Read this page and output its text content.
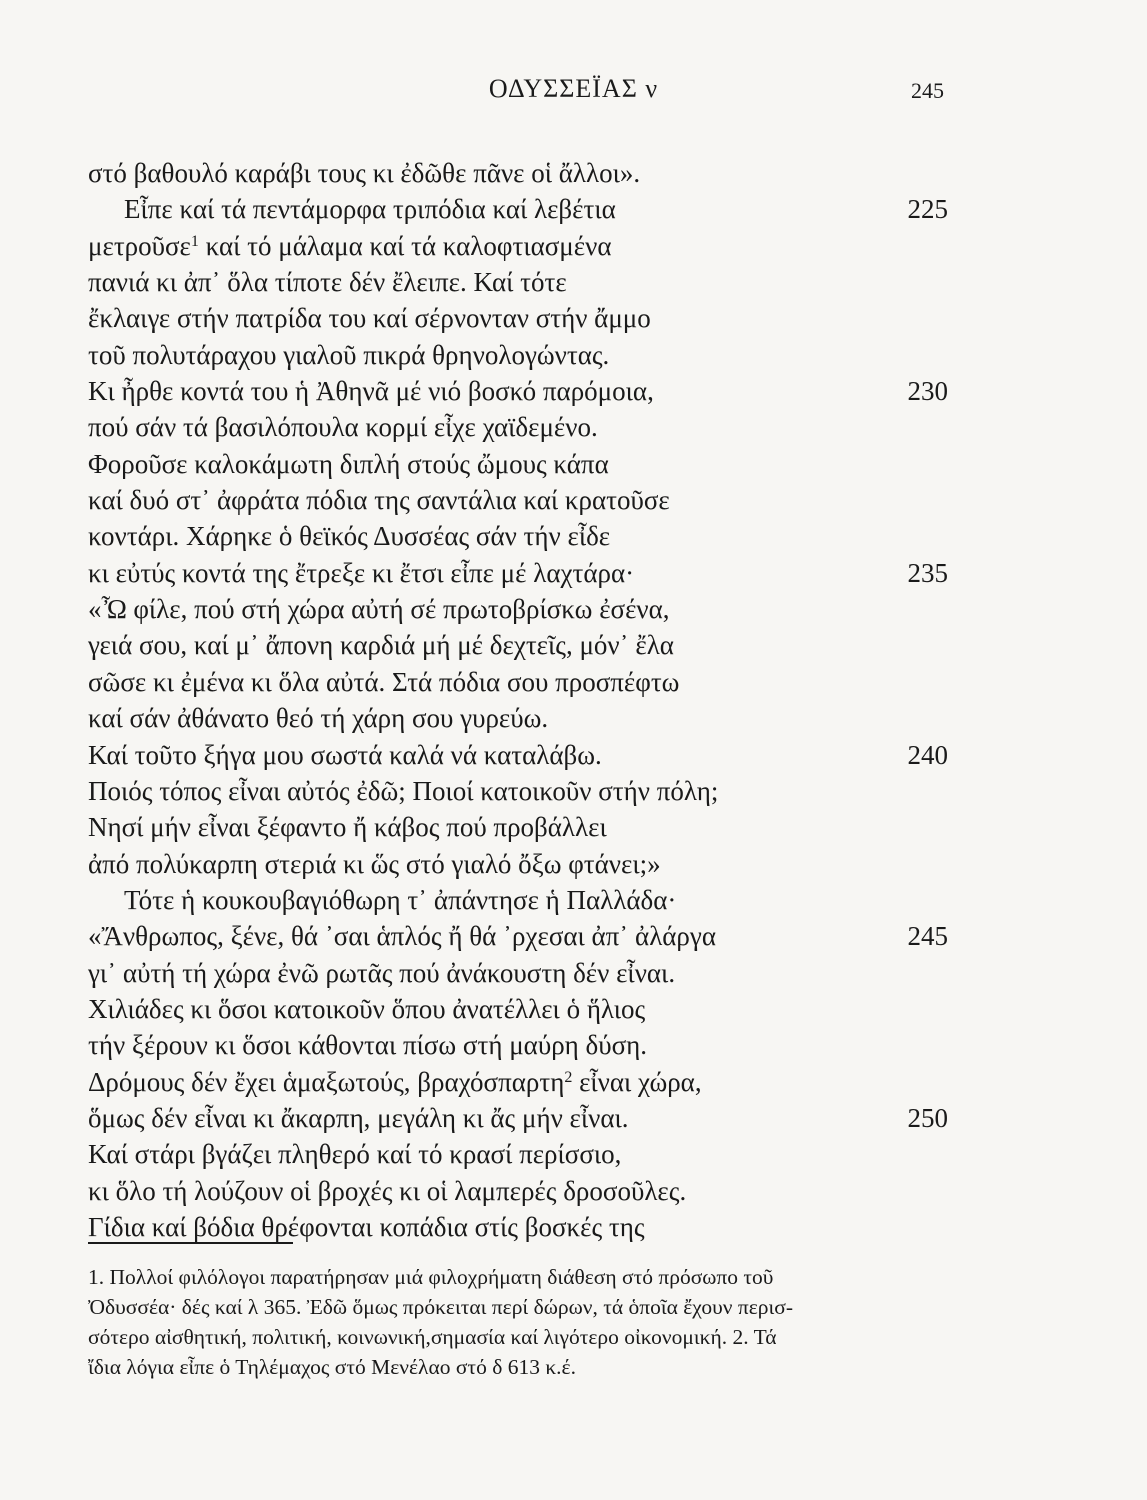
ΟΔΥΣΣΕΪΑΣ ν	245
στό βαθουλό καράβι τους κι ἐδῶθε πᾶνε οἱ ἄλλοι».
Εἶπε καί τά πεντάμορφα τριπόδια καί λεβέτια	225
μετροῦσε$^1$ καί τό μάλαμα καί τά καλοφτιασμένα
πανιά κι ἀπ᾽ ὅλα τίποτε δέν ἔλειπε. Καί τότε
ἔκλαιγε στήν πατρίδα του καί σέρνονταν στήν ἄμμο
τοῦ πολυτάραχου γιαλοῦ πικρά θρηνολογώντας.
Κι ἦρθε κοντά του ἡ Ἀθηνᾶ μέ νιό βοσκό παρόμοια,	230
πού σάν τά βασιλόπουλα κορμί εἶχε χαϊδεμένο.
Φοροῦσε καλοκάμωτη διπλή στούς ὤμους κάπα
καί δυό στ᾽ ἀφράτα πόδια της σαντάλια καί κρατοῦσε
κοντάρι. Χάρηκε ὁ θεϊκός Δυσσέας σάν τήν εἶδε
κι εὐτύς κοντά της ἔτρεξε κι ἔτσι εἶπε μέ λαχτάρα·	235
«Ὦ φίλε, πού στή χώρα αὐτή σέ πρωτοβρίσκω ἐσένα,
γειά σου, καί μ᾽ ἄπονη καρδιά μή μέ δεχτεῖς, μόν᾽ ἔλα
σῶσε κι ἐμένα κι ὅλα αὐτά. Στά πόδια σου προσπέφτω
καί σάν ἀθάνατο θεό τή χάρη σου γυρεύω.
Καί τοῦτο ξήγα μου σωστά καλά νά καταλάβω.	240
Ποιός τόπος εἶναι αὐτός ἐδῶ; Ποιοί κατοικοῦν στήν πόλη;
Νησί μήν εἶναι ξέφαντο ἤ κάβος πού προβάλλει
ἀπό πολύκαρπη στεριά κι ὥς στό γιαλό ὄξω φτάνει;»
Τότε ἡ κουκουβαγιόθωρη τ᾽ ἀπάντησε ἡ Παλλάδα·
«Ἄνθρωπος, ξένε, θά ᾽σαι ἁπλός ἤ θά ᾽ρχεσαι ἀπ᾽ ἀλάργα	245
γι᾽ αὐτή τή χώρα ἐνῶ ρωτᾶς πού ἀνάκουστη δέν εἶναι.
Χιλιάδες κι ὅσοι κατοικοῦν ὅπου ἀνατέλλει ὁ ἥλιος
τήν ξέρουν κι ὅσοι κάθονται πίσω στή μαύρη δύση.
Δρόμους δέν ἔχει ἁμαξωτούς, βραχόσπαρτη$^2$ εἶναι χώρα,
ὅμως δέν εἶναι κι ἄκαρπη, μεγάλη κι ἄς μήν εἶναι.	250
Καί στάρι βγάζει πληθερό καί τό κρασί περίσσιο,
κι ὅλο τή λούζουν οἱ βροχές κι οἱ λαμπερές δροσοῦλες.
Γίδια καί βόδια θρέφονται κοπάδια στίς βοσκές της
1. Πολλοί φιλόλογοι παρατήρησαν μιά φιλοχρήματη διάθεση στό πρόσωπο τοῦ
Ὀδυσσέα· δές καί λ 365. Ἐδῶ ὅμως πρόκειται περί δώρων, τά ὁποῖα ἔχουν περισ-
σότερο αἰσθητική, πολιτική, κοινωνική,σημασία καί λιγότερο οἰκονομική. 2. Τά
ἴδια λόγια εἶπε ὁ Τηλέμαχος στό Μενέλαο στό δ 613 κ.έ.
